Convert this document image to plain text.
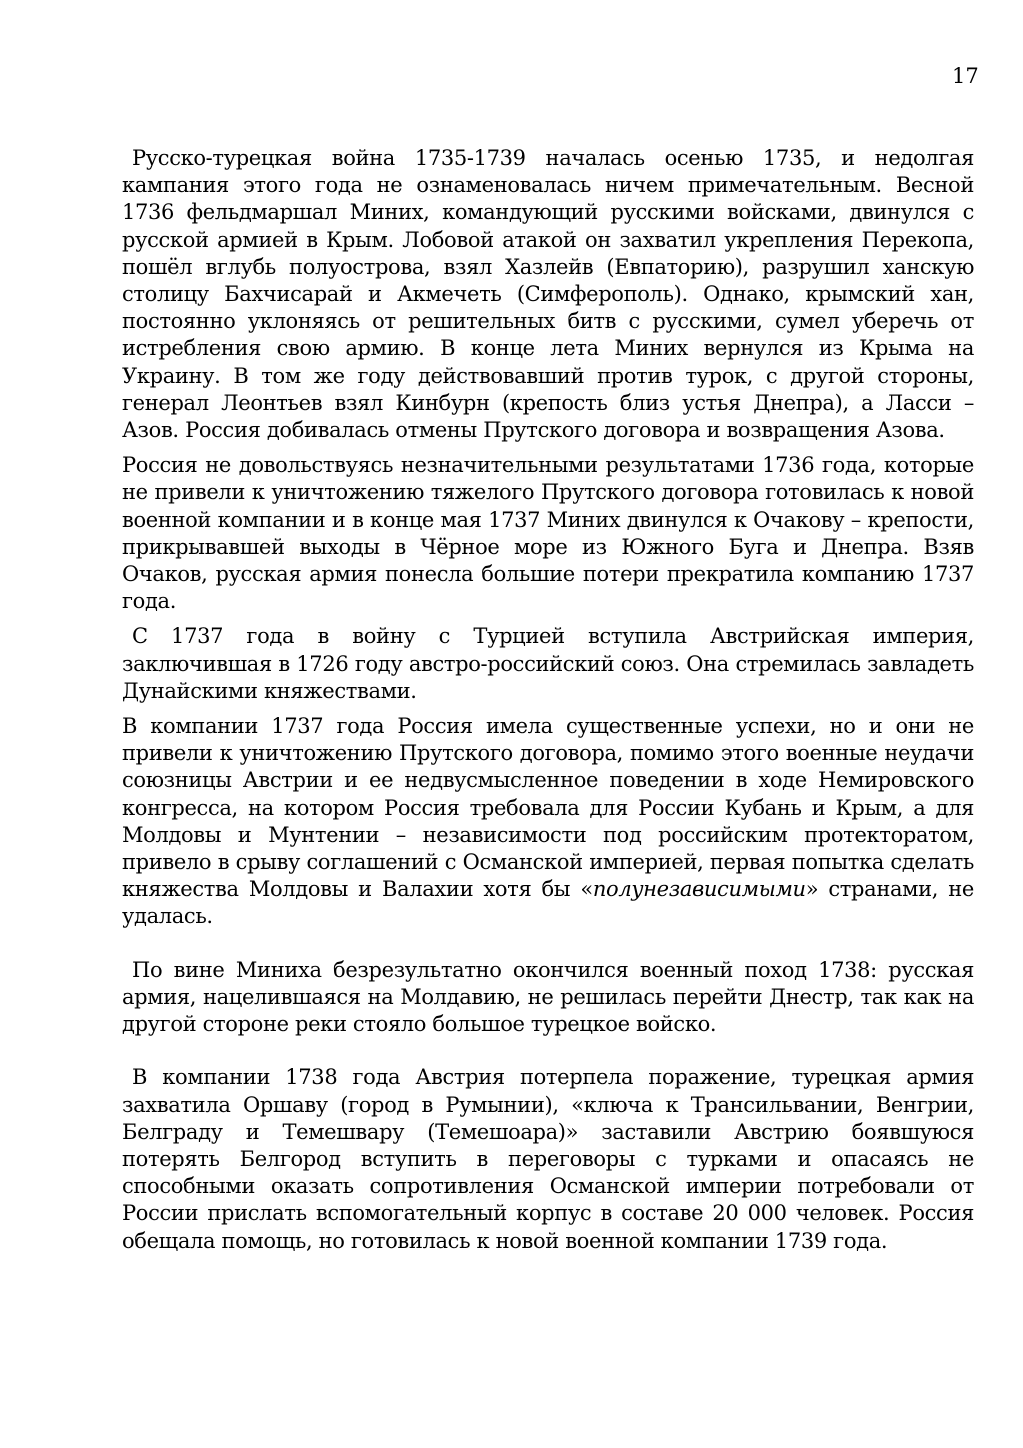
17

Русско-турецкая война 1735-1739 началась осенью 1735, и недолгая кампания этого года не ознаменовалась ничем примечательным. Весной 1736 фельдмаршал Миних, командующий русскими войсками, двинулся с русской армией в Крым. Лобовой атакой он захватил укрепления Перекопа, пошёл вглубь полуострова, взял Хазлейв (Евпаторию), разрушил ханскую столицу Бахчисарай и Акмечеть (Симферополь). Однако, крымский хан, постоянно уклоняясь от решительных битв с русскими, сумел уберечь от истребления свою армию. В конце лета Миних вернулся из Крыма на Украину. В том же году действовавший против турок, с другой стороны, генерал Леонтьев взял Кинбурн (крепость близ устья Днепра), а Ласси – Азов. Россия добивалась отмены Прутского договора и возвращения Азова.

Россия не довольствуясь незначительными результатами 1736 года, которые не привели к уничтожению тяжелого Прутского договора готовилась к новой военной компании и в конце мая 1737 Миних двинулся к Очакову – крепости, прикрывавшей выходы в Чёрное море из Южного Буга и Днепра. Взяв Очаков, русская армия понесла большие потери прекратила компанию 1737 года.

С 1737 года в войну с Турцией вступила Австрийская империя, заключившая в 1726 году австро-российский союз. Она стремилась завладеть Дунайскими княжествами.

В компании 1737 года Россия имела существенные успехи, но и они не привели к уничтожению Прутского договора, помимо этого военные неудачи союзницы Австрии и ее недвусмысленное поведении в ходе Немировского конгресса, на котором Россия требовала для России Кубань и Крым, а для Молдовы и Мунтении – независимости под российским протекторатом, привело в срыву соглашений с Османской империей, первая попытка сделать княжества Молдовы и Валахии хотя бы «полунезависимыми» странами, не удалась.

По вине Миниха безрезультатно окончился военный поход 1738: русская армия, нацелившаяся на Молдавию, не решилась перейти Днестр, так как на другой стороне реки стояло большое турецкое войско.

В компании 1738 года Австрия потерпела поражение, турецкая армия захватила Оршаву (город в Румынии), «ключа к Трансильвании, Венгрии, Белграду и Темешвару (Темешоара)» заставили Австрию боявшуюся потерять Белгород вступить в переговоры с турками и опасаясь не способными оказать сопротивления Османской империи потребовали от России прислать вспомогательный корпус в составе 20 000 человек. Россия обещала помощь, но готовилась к новой военной компании 1739 года.
